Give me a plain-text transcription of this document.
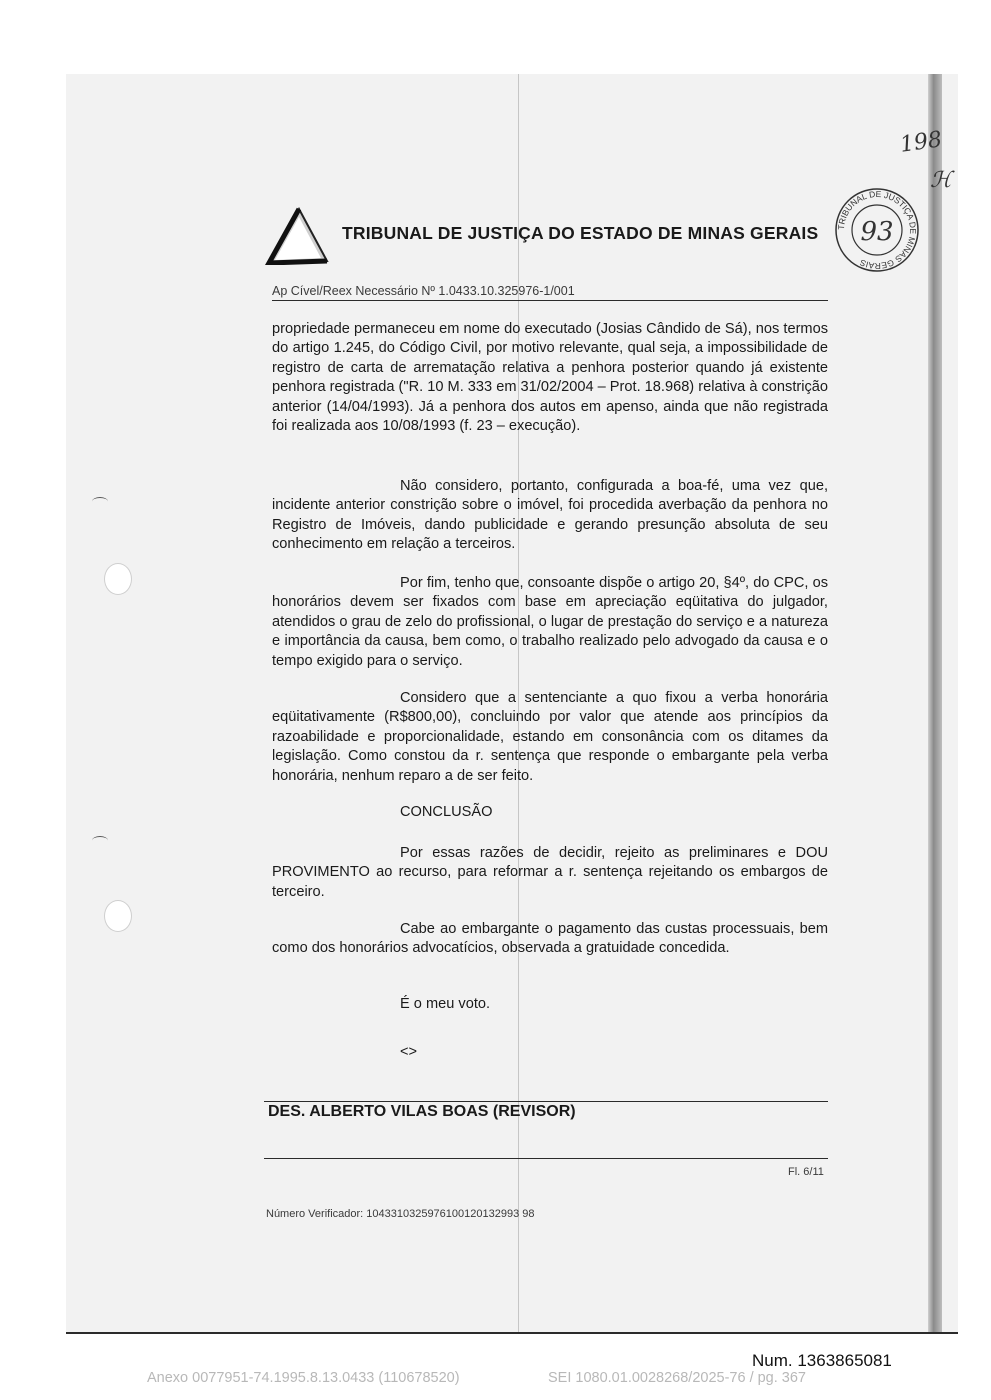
TRIBUNAL DE JUSTIÇA DO ESTADO DE MINAS GERAIS TRIBUNAL DE JUSTIÇA DE MINAS GERAIS
93
198
ℋ
Ap Cível/Reex Necessário Nº 1.0433.10.325976-1/001

propriedade permaneceu em nome do executado (Josias Cândido de Sá), nos termos do artigo 1.245, do Código Civil, por motivo relevante, qual seja, a impossibilidade de registro de carta de arrematação relativa a penhora posterior quando já existente penhora registrada ("R. 10 M. 333 em 31/02/2004 – Prot. 18.968) relativa à constrição anterior (14/04/1993). Já a penhora dos autos em apenso, ainda que não registrada foi realizada aos 10/08/1993 (f. 23 – execução).

Não considero, portanto, configurada a boa-fé, uma vez que, incidente anterior constrição sobre o imóvel, foi procedida averbação da penhora no Registro de Imóveis, dando publicidade e gerando presunção absoluta de seu conhecimento em relação a terceiros.

Por fim, tenho que, consoante dispõe o artigo 20, §4º, do CPC, os honorários devem ser fixados com base em apreciação eqüitativa do julgador, atendidos o grau de zelo do profissional, o lugar de prestação do serviço e a natureza e importância da causa, bem como, o trabalho realizado pelo advogado da causa e o tempo exigido para o serviço.

Considero que a sentenciante a quo fixou a verba honorária eqüitativamente (R$800,00), concluindo por valor que atende aos princípios da razoabilidade e proporcionalidade, estando em consonância com os ditames da legislação. Como constou da r. sentença que responde o embargante pela verba honorária, nenhum reparo a de ser feito.

CONCLUSÃO

Por essas razões de decidir, rejeito as preliminares e DOU PROVIMENTO ao recurso, para reformar a r. sentença rejeitando os embargos de terceiro.

Cabe ao embargante o pagamento das custas processuais, bem como dos honorários advocatícios, observada a gratuidade concedida.

É o meu voto.
<>
DES. ALBERTO VILAS BOAS (REVISOR)
Fl. 6/11
Número Verificador: 1043310325976100120132993 98
Num. 1363865081
Anexo 0077951-74.1995.8.13.0433 (110678520)	SEI 1080.01.0028268/2025-76 / pg. 367
